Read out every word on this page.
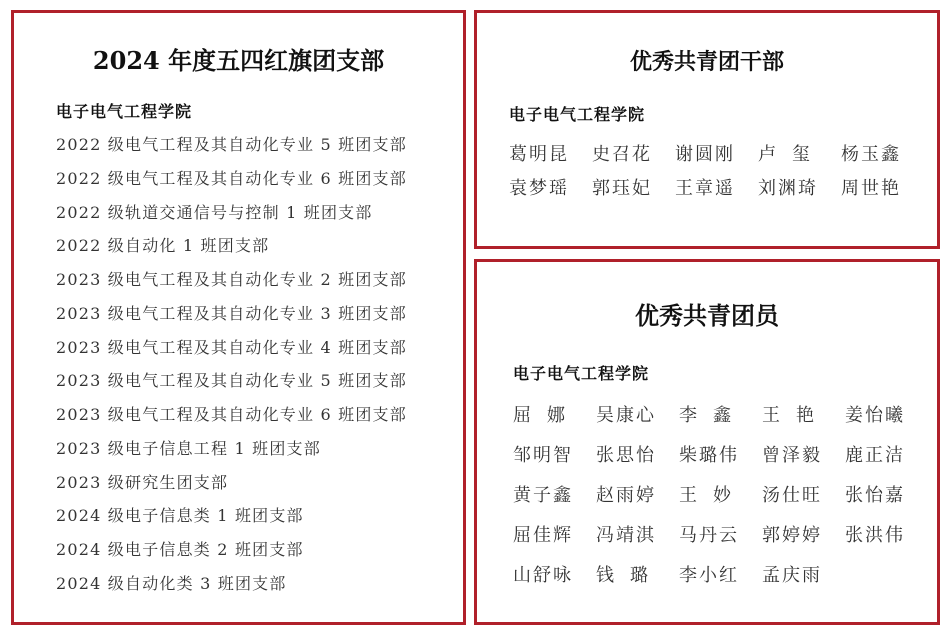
2024 年度五四红旗团支部
电子电气工程学院
2022 级电气工程及其自动化专业 5 班团支部
2022 级电气工程及其自动化专业 6 班团支部
2022 级轨道交通信号与控制 1 班团支部
2022 级自动化 1 班团支部
2023 级电气工程及其自动化专业 2 班团支部
2023 级电气工程及其自动化专业 3 班团支部
2023 级电气工程及其自动化专业 4 班团支部
2023 级电气工程及其自动化专业 5 班团支部
2023 级电气工程及其自动化专业 6 班团支部
2023 级电子信息工程 1 班团支部
2023 级研究生团支部
2024 级电子信息类 1 班团支部
2024 级电子信息类 2 班团支部
2024 级自动化类 3 班团支部
优秀共青团干部
电子电气工程学院
葛明昆	史召花	谢圆刚	卢玺 杨玉鑫
袁梦瑶	郭珏妃	王章遥	刘渊琦	周世艳
优秀共青团员
电子电气工程学院
屈娜 吴康心	李鑫 王艳 姜怡曦
邹明智	张思怡	柴璐伟	曾泽毅	鹿正洁
黄子鑫	赵雨婷	王妙 汤仕旺	张怡嘉
屈佳辉	冯靖淇	马丹云	郭婷婷	张洪伟
山舒咏	钱璐 李小红	孟庆雨
